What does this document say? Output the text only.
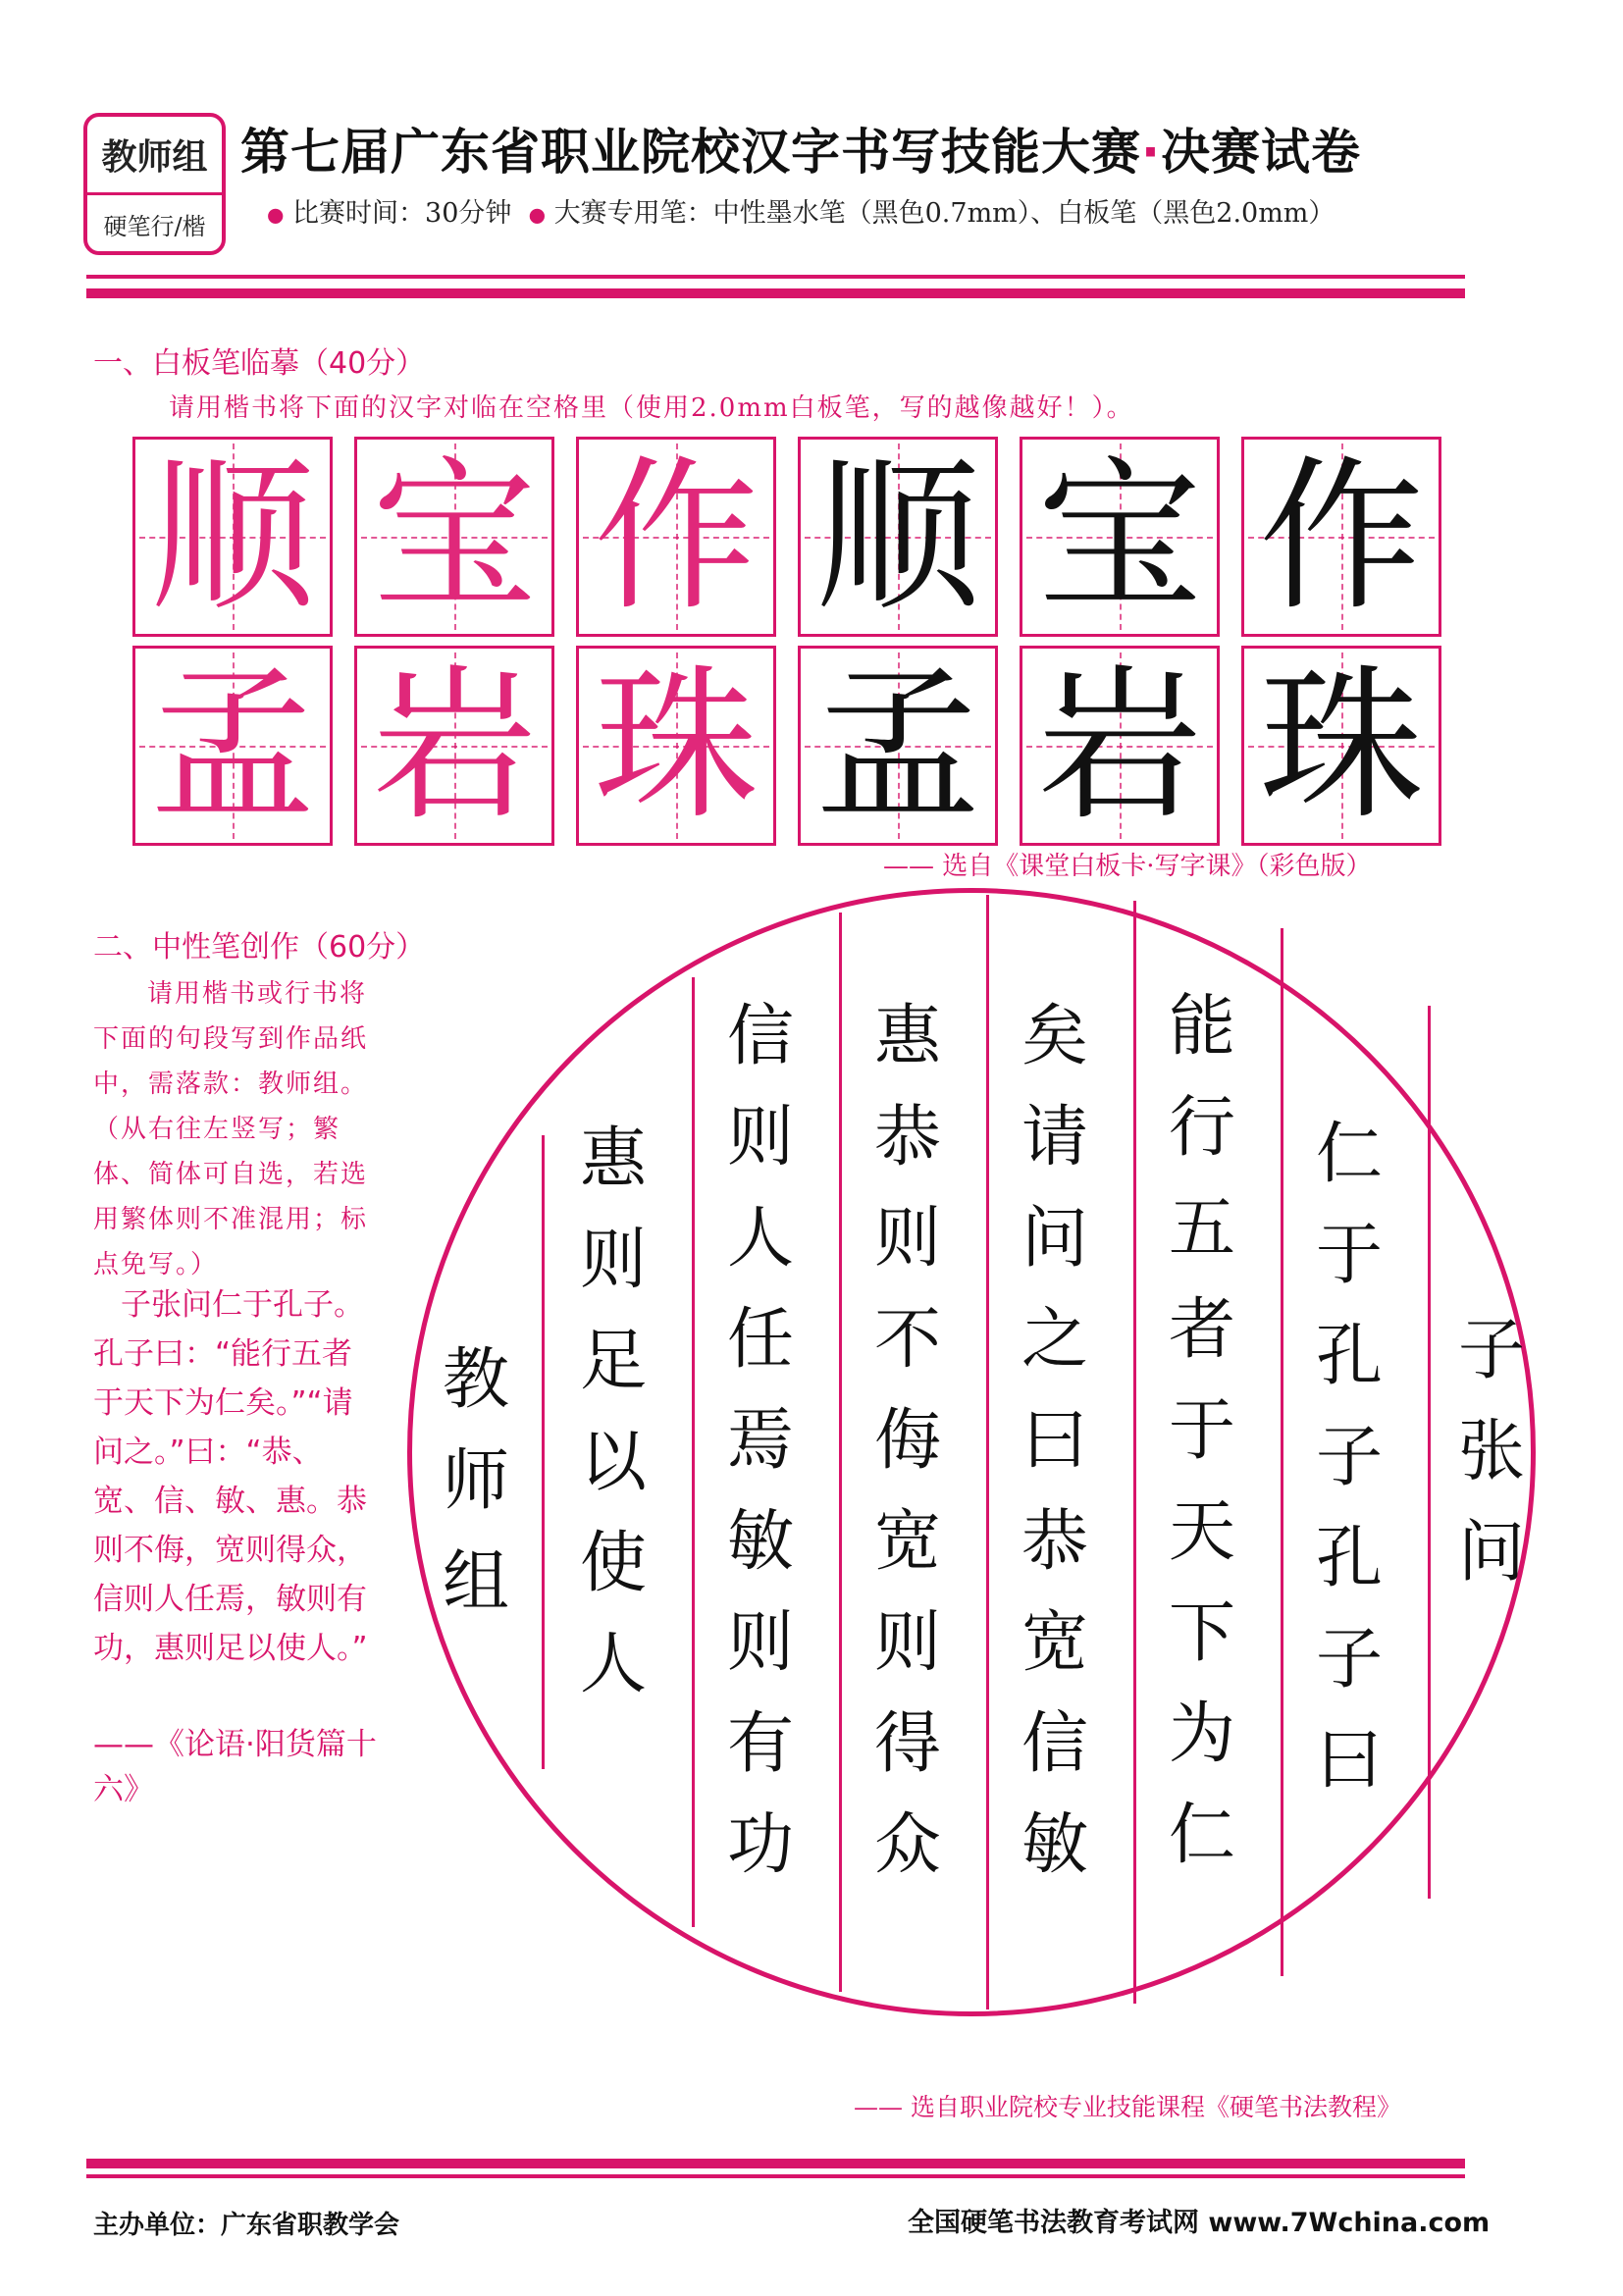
教师组
硬笔行/楷
第七届广东省职业院校汉字书写技能大赛·决赛试卷
● 比赛时间：30分钟 ● 大赛专用笔：中性墨水笔（黑色0.7mm）、白板笔（黑色2.0mm）
一、白板笔临摹（40分）
请用楷书将下面的汉字对临在空格里（使用2.0mm白板笔，写的越像越好！）。
顺 宝 作 顺 宝 作
孟 岩 珠 孟 岩 珠
—— 选自《课堂白板卡·写字课》（彩色版）
二、中性笔创作（60分）
请用楷书或行书将下面的句段写到作品纸中，需落款：教师组。（从右往左竖写；繁体、简体可自选，若选用繁体则不准混用；标点免写。）
子张问仁于孔子。孔子曰：“能行五者于天下为仁矣。”“请问之。”曰：“恭、宽、信、敏、惠。恭则不侮，宽则得众，信则人任焉，敏则有功，惠则足以使人。”
——《论语·阳货篇十六》
子
张
问
仁
于
孔
子
孔
子
曰
能
行
五
者
于
天
下
为
仁
矣
请
问
之
曰
恭
宽
信
敏
惠
恭
则
不
侮
宽
则
得
众
信
则
人
任
焉
敏
则
有
功
惠
则
足
以
使
人
教
师
组
—— 选自职业院校专业技能课程《硬笔书法教程》
主办单位：广东省职教学会	全国硬笔书法教育考试网 www.7Wchina.com
